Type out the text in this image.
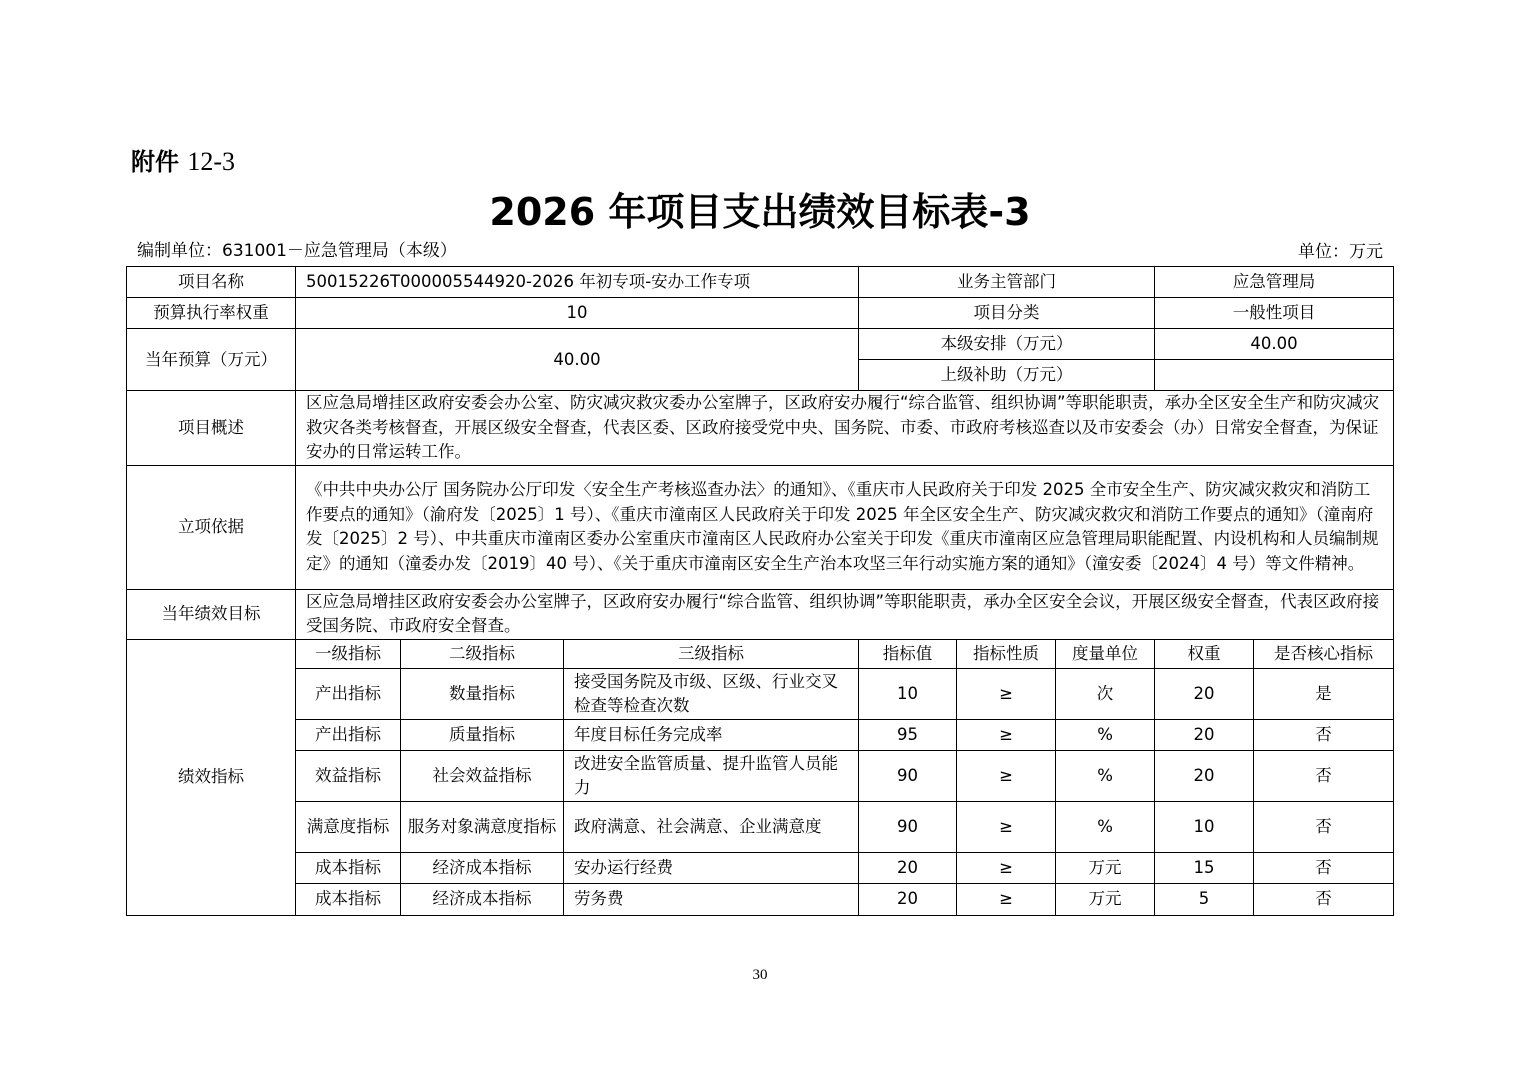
附件 12-3
2026 年项目支出绩效目标表-3
编制单位：631001－应急管理局（本级）	单位：万元
项目名称	50015226T000005544920-2026 年初专项-安办工作专项			业务主管部门			应急管理局	
预算执行率权重	10			项目分类			一般性项目	
当年预算（万元）	40.00			本级安排（万元）			40.00	
				上级补助（万元）				
项目概述	区应急局增挂区政府安委会办公室、防灾减灾救灾委办公室牌子，区政府安办履行“综合监管、组织协调”等职能职责，承办全区安全生产和防灾减灾救灾各类考核督查，开展区级安全督查，代表区委、区政府接受党中央、国务院、市委、市政府考核巡查以及市安委会（办）日常安全督查，为保证安办的日常运转工作。							
立项依据	《中共中央办公厅 国务院办公厅印发〈安全生产考核巡查办法〉的通知》、《重庆市人民政府关于印发 2025 全市安全生产、防灾减灾救灾和消防工作要点的通知》（渝府发〔2025〕1 号）、《重庆市潼南区人民政府关于印发 2025 年全区安全生产、防灾减灾救灾和消防工作要点的通知》（潼南府发〔2025〕2 号）、中共重庆市潼南区委办公室重庆市潼南区人民政府办公室关于印发《重庆市潼南区应急管理局职能配置、内设机构和人员编制规定》的通知（潼委办发〔2019〕40 号）、《关于重庆市潼南区安全生产治本攻坚三年行动实施方案的通知》（潼安委〔2024〕4 号）等文件精神。							
当年绩效目标	区应急局增挂区政府安委会办公室牌子，区政府安办履行“综合监管、组织协调”等职能职责，承办全区安全会议，开展区级安全督查，代表区政府接受国务院、市政府安全督查。							
绩效指标	一级指标	二级指标	三级指标	指标值	指标性质	度量单位	权重	是否核心指标
	产出指标	数量指标	接受国务院及市级、区级、行业交叉检查等检查次数	10	≥	次	20	是
	产出指标	质量指标	年度目标任务完成率	95	≥	%	20	否
	效益指标	社会效益指标	改进安全监管质量、提升监管人员能力	90	≥	%	20	否
	满意度指标	服务对象满意度指标	政府满意、社会满意、企业满意度	90	≥	%	10	否
	成本指标	经济成本指标	安办运行经费	20	≥	万元	15	否
	成本指标	经济成本指标	劳务费	20	≥	万元	5	否
30
